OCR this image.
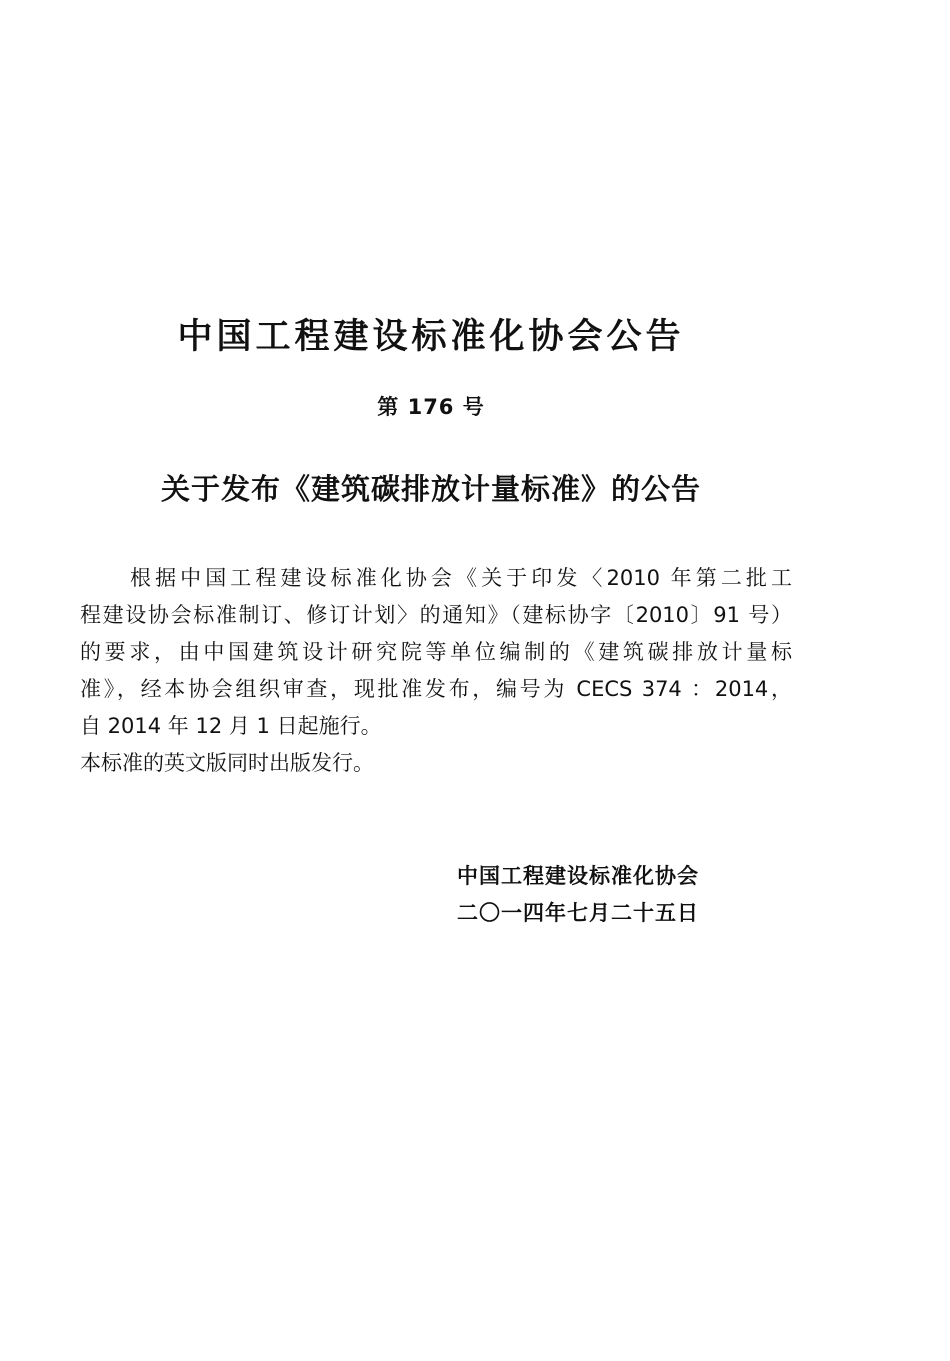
中国工程建设标准化协会公告
第 176 号
关于发布《建筑碳排放计量标准》的公告

根据中国工程建设标准化协会《关于印发〈2010 年第二批工
程建设协会标准制订、修订计划〉的通知》（建标协字〔2010〕91 号）
的要求，由中国建筑设计研究院等单位编制的《建筑碳排放计量标
准》，经本协会组织审查，现批准发布，编号为 CECS 374 ：2014，
自 2014 年 12 月 1 日起施行。

本标准的英文版同时出版发行。

中国工程建设标准化协会
二〇一四年七月二十五日
